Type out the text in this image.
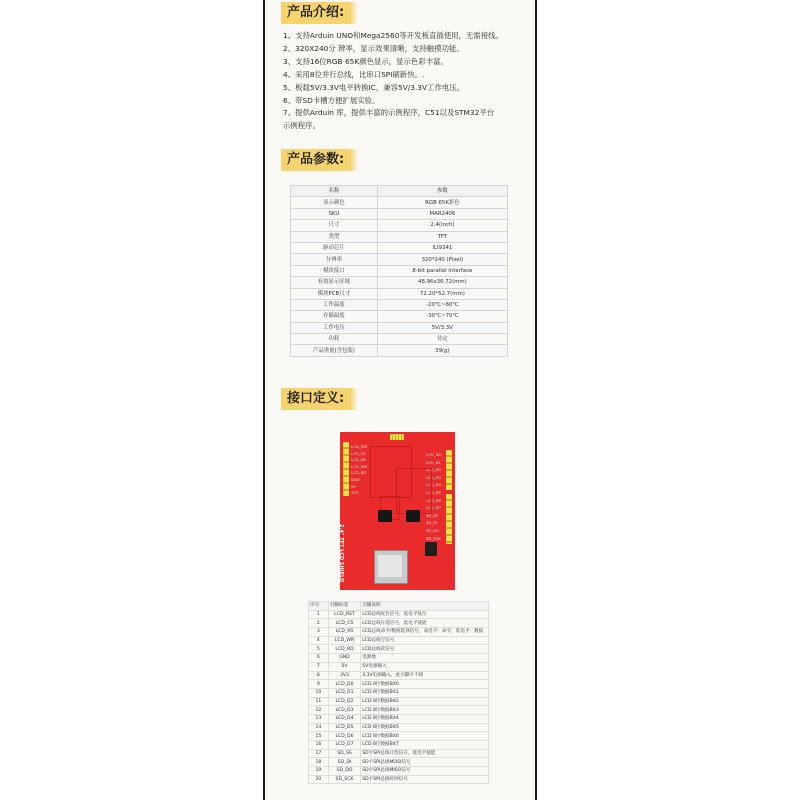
产品介绍:
1、支持Arduin UNO和Mega2560等开发板直插使用，无需接线。
2、320X240分 辨率，显示效果清晰，支持触摸功能。
3、支持16位RGB 65K颜色显示，显示色彩丰富。
4、采用8位并行总线，比串口SPI刷新快。.
5、板载5V/3.3V电平转换IC，兼容5V/3.3V工作电压。
6、带SD卡槽方便扩展实验。
7、提供Arduin 库，提供丰富的示例程序，C51以及STM32平台
示例程序。
产品参数:
名称	参数
显示颜色	RGB 65K彩色
SKU	MAR2406
尺寸	2.4(inch)
类型	TFT
驱动芯片	ILI9341
分辨率	320*240 (Pixel)
模块接口	8-bit parallel interface
有效显示区域	48.96x36.72(mm)
模块PCB尺寸	72.20*52.7(mm)
工作温度	-20℃~60℃
存储温度	-30℃~70℃
工作电压	5V/3.3V
功耗	待定
产品重量(含包装)	39(g)
接口定义:
LCD_RST
LCD_CS
LCD_RS
LCD_WR
LCD_RD
GND
5V
3V3
LCD_D0
LCD_D1
LCD_D2
LCD_D3
LCD_D4
LCD_D5
LCD_D6
LCD_D7
SD_SS
SD_DI
SD_DO
SD_SCK
2.4" TFT LCD SHIELD
序号	引脚标签	引脚说明
1	LCD_RST	LCD总线复位信号，低电平复位
2	LCD_CS	LCD总线片选信号，低电平使能
3	LCD_RS	LCD总线命令/数据选择信号，高电平：命令，低电平：数据
4	LCD_WR	LCD总线写信号
5	LCD_RD	LCD总线读信号
6	GND	电源地
7	5V	5V电源输入
8	3V3	3.3V电源输入，此引脚可不接
9	LCD_D0	LCD 8位数据Bit0
10	LCD_D1	LCD 8位数据Bit1
11	LCD_D2	LCD 8位数据Bit2
12	LCD_D3	LCD 8位数据Bit3
13	LCD_D4	LCD 8位数据Bit4
14	LCD_D5	LCD 8位数据Bit5
15	LCD_D6	LCD 8位数据Bit6
16	LCD_D7	LCD 8位数据Bit7
17	SD_SS	SD卡SPI总线片选信号，低电平使能
18	SD_DI	SD卡SPI总线MOSI信号
19	SD_DO	SD卡SPI总线MISO信号
20	SD_SCK	SD卡SPI总线时钟信号
